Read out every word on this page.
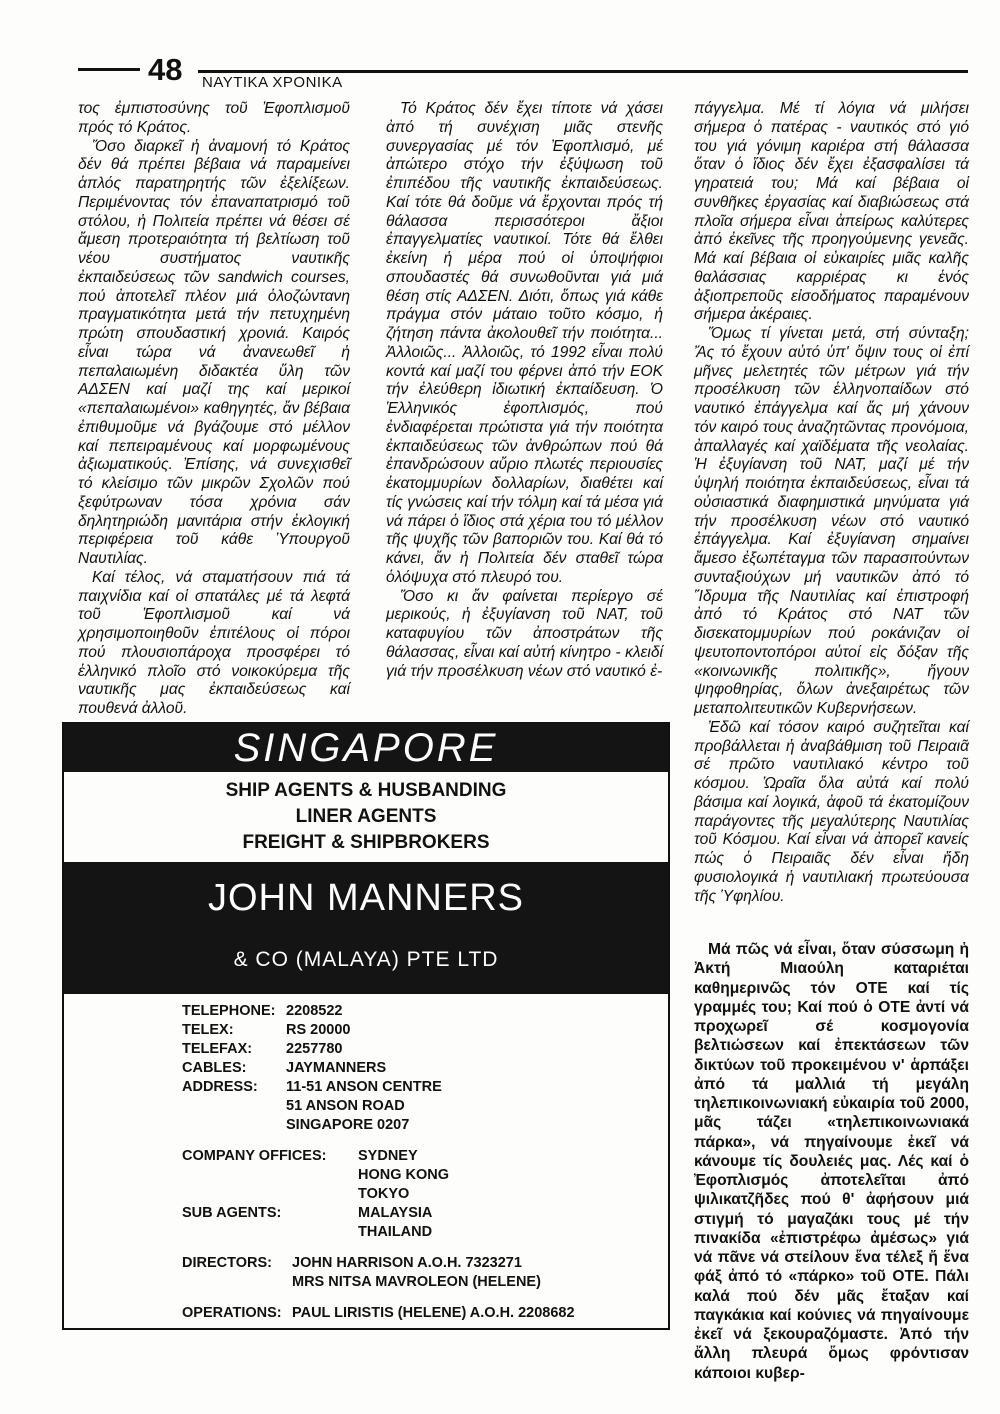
48 ΝΑΥΤΙΚΑ ΧΡΟΝΙΚΑ

τος ἐμπιστοσύνης τοῦ Ἐφοπλισμοῦ πρός τό Κράτος.

Ὅσο διαρκεῖ ἡ ἀναμονή τό Κράτος δέν θά πρέπει βέβαια νά παραμείνει ἁπλός παρατηρητής τῶν ἐξελίξεων. Περιμένοντας τόν ἐπαναπατρισμό τοῦ στόλου, ἡ Πολιτεία πρέπει νά θέσει σέ ἄμεση προτεραιότητα τή βελτίωση τοῦ νέου συστήματος ναυτικῆς ἐκπαιδεύσεως τῶν sandwich courses, πού ἀποτελεῖ πλέον μιά ὁλοζώντανη πραγματικότητα μετά τήν πετυχημένη πρώτη σπουδαστική χρονιά. Καιρός εἶναι τώρα νά ἀνανεωθεῖ ἡ πεπαλαιωμένη διδακτέα ὕλη τῶν ΑΔΣΕΝ καί μαζί της καί μερικοί «πεπαλαιωμένοι» καθηγητές, ἄν βέβαια ἐπιθυμοῦμε νά βγάζουμε στό μέλλον καί πεπειραμένους καί μορφωμένους ἀξιωματικούς. Ἐπίσης, νά συνεχισθεῖ τό κλείσιμο τῶν μικρῶν Σχολῶν πού ξεφύτρωναν τόσα χρόνια σάν δηλητηριώδη μανιτάρια στήν ἐκλογική περιφέρεια τοῦ κάθε Ὑπουργοῦ Ναυτιλίας.

Καί τέλος, νά σταματήσουν πιά τά παιχνίδια καί οἱ σπατάλες μέ τά λεφτά τοῦ Ἐφοπλισμοῦ καί νά χρησιμοποιηθοῦν ἐπιτέλους οἱ πόροι πού πλουσιοπάροχα προσφέρει τό ἑλληνικό πλοῖο στό νοικοκύρεμα τῆς ναυτικῆς μας ἐκπαιδεύσεως καί πουθενά ἀλλοῦ.

Τό Κράτος δέν ἔχει τίποτε νά χάσει ἀπό τή συνέχιση μιᾶς στενῆς συνεργασίας μέ τόν Ἐφοπλισμό, μέ ἀπώτερο στόχο τήν ἐξύψωση τοῦ ἐπιπέδου τῆς ναυτικῆς ἐκπαιδεύσεως. Καί τότε θά δοῦμε νά ἔρχονται πρός τή θάλασσα περισσότεροι ἄξιοι ἐπαγγελματίες ναυτικοί. Τότε θά ἔλθει ἐκείνη ἡ μέρα πού οἱ ὑποψήφιοι σπουδαστές θά συνωθοῦνται γιά μιά θέση στίς ΑΔΣΕΝ. Διότι, ὅπως γιά κάθε πράγμα στόν μάταιο τοῦτο κόσμο, ἡ ζήτηση πάντα ἀκολουθεῖ τήν ποιότητα... Ἀλλοιῶς... Ἀλλοιῶς, τό 1992 εἶναι πολύ κοντά καί μαζί του φέρνει ἀπό τήν ΕΟΚ τήν ἐλεύθερη ἰδιωτική ἐκπαίδευση. Ὁ Ἑλληνικός ἐφοπλισμός, πού ἐνδιαφέρεται πρώτιστα γιά τήν ποιότητα ἐκπαιδεύσεως τῶν ἀνθρώπων πού θά ἐπανδρώσουν αὔριο πλωτές περιουσίες ἑκατομμυρίων δολλαρίων, διαθέτει καί τίς γνώσεις καί τήν τόλμη καί τά μέσα γιά νά πάρει ὁ ἴδιος στά χέρια του τό μέλλον τῆς ψυχῆς τῶν βαποριῶν του. Καί θά τό κάνει, ἄν ἡ Πολιτεία δέν σταθεῖ τώρα ὁλόψυχα στό πλευρό του.

Ὅσο κι ἄν φαίνεται περίεργο σέ μερικούς, ἡ ἐξυγίανση τοῦ ΝΑΤ, τοῦ καταφυγίου τῶν ἀποστράτων τῆς θάλασσας, εἶναι καί αὐτή κίνητρο - κλειδί γιά τήν προσέλκυση νέων στό ναυτικό ἐ-

πάγγελμα. Μέ τί λόγια νά μιλήσει σήμερα ὁ πατέρας - ναυτικός στό γιό του γιά γόνιμη καριέρα στή θάλασσα ὅταν ὁ ἴδιος δέν ἔχει ἐξασφαλίσει τά γηρατειά του; Μά καί βέβαια οἱ συνθῆκες ἐργασίας καί διαβιώσεως στά πλοῖα σήμερα εἶναι ἀπείρως καλύτερες ἀπό ἐκεῖνες τῆς προηγούμενης γενεᾶς. Μά καί βέβαια οἱ εὐκαιρίες μιᾶς καλῆς θαλάσσιας καρριέρας κι ἑνός ἀξιοπρεποῦς εἰσοδήματος παραμένουν σήμερα ἀκέραιες.

Ὅμως τί γίνεται μετά, στή σύνταξη; Ἄς τό ἔχουν αὐτό ὑπ' ὄψιν τους οἱ ἐπί μῆνες μελετητές τῶν μέτρων γιά τήν προσέλκυση τῶν ἑλληνοπαίδων στό ναυτικό ἐπάγγελμα καί ἄς μή χάνουν τόν καιρό τους ἀναζητῶντας προνόμοια, ἀπαλλαγές καί χαϊδέματα τῆς νεολαίας. Ἡ ἐξυγίανση τοῦ ΝΑΤ, μαζί μέ τήν ὑψηλή ποιότητα ἐκπαιδεύσεως, εἶναι τά οὐσιαστικά διαφημιστικά μηνύματα γιά τήν προσέλκυση νέων στό ναυτικό ἐπάγγελμα. Καί ἐξυγίανση σημαίνει ἄμεσο ἐξωπέταγμα τῶν παρασιτούντων συνταξιούχων μή ναυτικῶν ἀπό τό Ἵδρυμα τῆς Ναυτιλίας καί ἐπιστροφή ἀπό τό Κράτος στό ΝΑΤ τῶν δισεκατομμυρίων πού ροκάνιζαν οἱ ψευτοποντοπόροι αὐτοί εἰς δόξαν τῆς «κοινωνικῆς πολιτικῆς», ἤγουν ψηφοθηρίας, ὅλων ἀνεξαιρέτως τῶν μεταπολιτευτικῶν Κυβερνήσεων.

Ἐδῶ καί τόσον καιρό συζητεῖται καί προβάλλεται ἡ ἀναβάθμιση τοῦ Πειραιᾶ σέ πρῶτο ναυτιλιακό κέντρο τοῦ κόσμου. Ὡραῖα ὅλα αὐτά καί πολύ βάσιμα καί λογικά, ἀφοῦ τά ἐκατομίζουν παράγοντες τῆς μεγαλύτερης Ναυτιλίας τοῦ Κόσμου. Καί εἶναι νά ἀπορεῖ κανείς πώς ὁ Πειραιᾶς δέν εἶναι ἤδη φυσιολογικά ἡ ναυτιλιακή πρωτεύουσα τῆς Ὑφηλίου.

Μά πῶς νά εἶναι, ὅταν σύσσωμη ἡ Ἀκτή Μιαούλη καταριέται καθημερινῶς τόν ΟΤΕ καί τίς γραμμές του; Καί πού ὁ ΟΤΕ ἀντί νά προχωρεῖ σέ κοσμογονία βελτιώσεων καί ἐπεκτάσεων τῶν δικτύων τοῦ προκειμένου ν' ἁρπάξει ἀπό τά μαλλιά τή μεγάλη τηλεπικοινωνιακή εὐκαιρία τοῦ 2000, μᾶς τάζει «τηλεπικοινωνιακά πάρκα», νά πηγαίνουμε ἐκεῖ νά κάνουμε τίς δουλειές μας. Λές καί ὁ Ἐφοπλισμός ἀποτελεῖται ἀπό ψιλικατζῆδες πού θ' ἀφήσουν μιά στιγμή τό μαγαζάκι τους μέ τήν πινακίδα «ἐπιστρέφω ἀμέσως» γιά νά πᾶνε νά στείλουν ἕνα τέλεξ ἤ ἕνα φάξ ἀπό τό «πάρκο» τοῦ ΟΤΕ. Πάλι καλά πού δέν μᾶς ἔταξαν καί παγκάκια καί κούνιες νά πηγαίνουμε ἐκεῖ νά ξεκουραζόμαστε. Ἀπό τήν ἄλλη πλευρά ὅμως φρόντισαν κάποιοι κυβερ-

SINGAPORE
SHIP AGENTS & HUSBANDING
LINER AGENTS
FREIGHT & SHIPBROKERS
JOHN MANNERS
& CO (MALAYA) PTE LTD
TELEPHONE: 2208522
TELEX:	RS 20000
TELEFAX: 2257780
CABLES:	JAYMANNERS
ADDRESS: 11-51 ANSON CENTRE
51 ANSON ROAD
SINGAPORE 0207
COMPANY OFFICES: SYDNEY
HONG KONG
TOKYO
SUB AGENTS:	MALAYSIA
THAILAND
DIRECTORS: JOHN HARRISON A.O.H. 7323271
MRS NITSA MAVROLEON (HELENE)
OPERATIONS: PAUL LIRISTIS (HELENE) A.O.H. 2208682
